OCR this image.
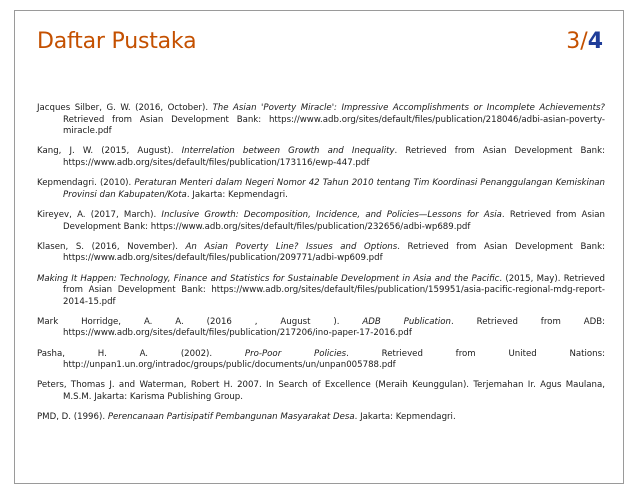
Daftar Pustaka	3/4
Jacques Silber, G. W. (2016, October). The Asian 'Poverty Miracle': Impressive Accomplishments or Incomplete Achievements? Retrieved from Asian Development Bank: https://www.adb.org/sites/default/files/publication/218046/adbi-asian-poverty-miracle.pdf
Kang, J. W. (2015, August). Interrelation between Growth and Inequality. Retrieved from Asian Development Bank: https://www.adb.org/sites/default/files/publication/173116/ewp-447.pdf
Kepmendagri. (2010). Peraturan Menteri dalam Negeri Nomor 42 Tahun 2010 tentang Tim Koordinasi Penanggulangan Kemiskinan Provinsi dan Kabupaten/Kota. Jakarta: Kepmendagri.
Kireyev, A. (2017, March). Inclusive Growth: Decomposition, Incidence, and Policies—Lessons for Asia. Retrieved from Asian Development Bank: https://www.adb.org/sites/default/files/publication/232656/adbi-wp689.pdf
Klasen, S. (2016, November). An Asian Poverty Line? Issues and Options. Retrieved from Asian Development Bank: https://www.adb.org/sites/default/files/publication/209771/adbi-wp609.pdf
Making It Happen: Technology, Finance and Statistics for Sustainable Development in Asia and the Pacific. (2015, May). Retrieved from Asian Development Bank: https://www.adb.org/sites/default/files/publication/159951/asia-pacific-regional-mdg-report-2014-15.pdf
Mark Horridge, A. A. (2016 , August ). ADB Publication. Retrieved from ADB: https://www.adb.org/sites/default/files/publication/217206/ino-paper-17-2016.pdf
Pasha, H. A. (2002). Pro-Poor Policies. Retrieved from United Nations: http://unpan1.un.org/intradoc/groups/public/documents/un/unpan005788.pdf
Peters, Thomas J. and Waterman, Robert H. 2007. In Search of Excellence (Meraih Keunggulan). Terjemahan Ir. Agus Maulana, M.S.M. Jakarta: Karisma Publishing Group.
PMD, D. (1996). Perencanaan Partisipatif Pembangunan Masyarakat Desa. Jakarta: Kepmendagri.
